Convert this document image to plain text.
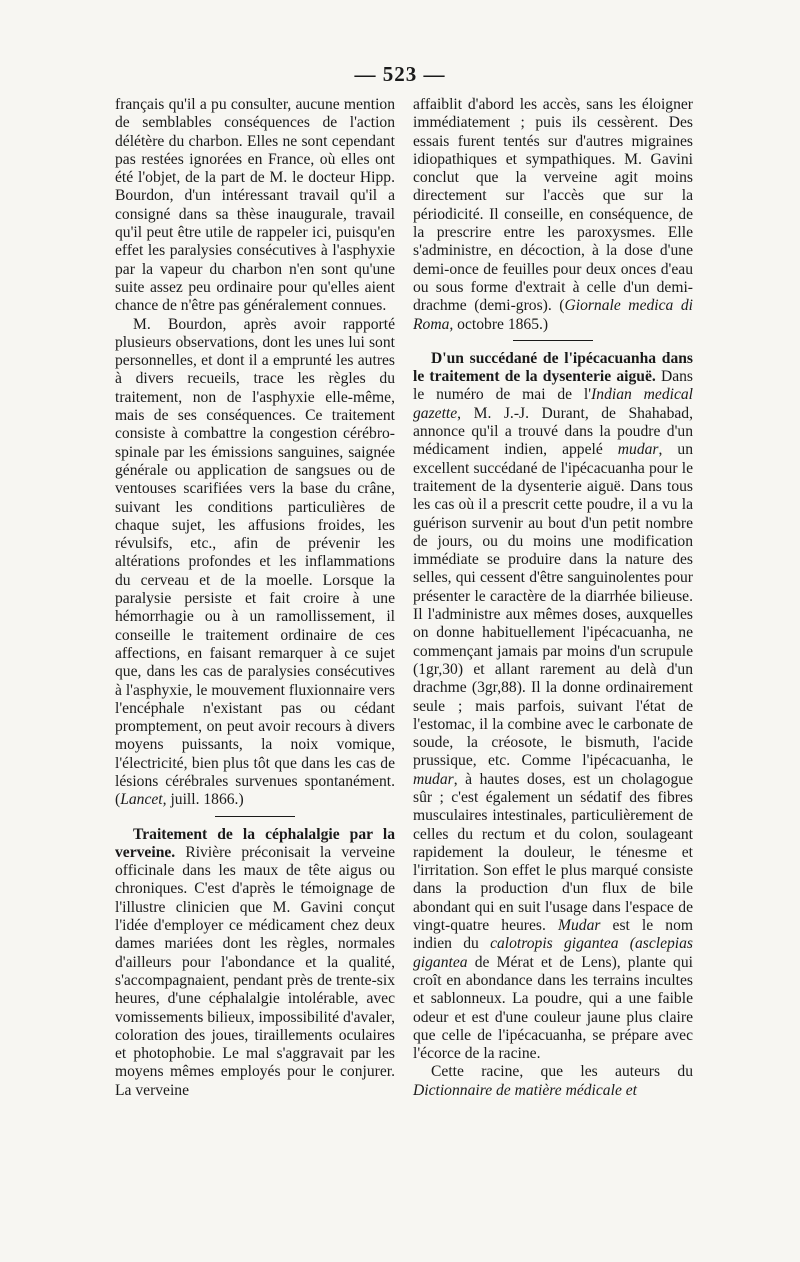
— 523 —

français qu'il a pu consulter, aucune mention de semblables conséquences de l'action délétère du charbon. Elles ne sont cependant pas restées ignorées en France, où elles ont été l'objet, de la part de M. le docteur Hipp. Bourdon, d'un intéressant travail qu'il a consigné dans sa thèse inaugurale, travail qu'il peut être utile de rappeler ici, puisqu'en effet les paralysies consécutives à l'asphyxie par la vapeur du charbon n'en sont qu'une suite assez peu ordinaire pour qu'elles aient chance de n'être pas généralement connues.

M. Bourdon, après avoir rapporté plusieurs observations, dont les unes lui sont personnelles, et dont il a emprunté les autres à divers recueils, trace les règles du traitement, non de l'asphyxie elle-même, mais de ses conséquences. Ce traitement consiste à combattre la congestion cérébro-spinale par les émissions sanguines, saignée générale ou application de sangsues ou de ventouses scarifiées vers la base du crâne, suivant les conditions particulières de chaque sujet, les affusions froides, les révulsifs, etc., afin de prévenir les altérations profondes et les inflammations du cerveau et de la moelle. Lorsque la paralysie persiste et fait croire à une hémorrhagie ou à un ramollissement, il conseille le traitement ordinaire de ces affections, en faisant remarquer à ce sujet que, dans les cas de paralysies consécutives à l'asphyxie, le mouvement fluxionnaire vers l'encéphale n'existant pas ou cédant promptement, on peut avoir recours à divers moyens puissants, la noix vomique, l'électricité, bien plus tôt que dans les cas de lésions cérébrales survenues spontanément. (Lancet, juill. 1866.)

Traitement de la céphalalgie par la verveine. Rivière préconisait la verveine officinale dans les maux de tête aigus ou chroniques. C'est d'après le témoignage de l'illustre clinicien que M. Gavini conçut l'idée d'employer ce médicament chez deux dames mariées dont les règles, normales d'ailleurs pour l'abondance et la qualité, s'accompagnaient, pendant près de trente-six heures, d'une céphalalgie intolérable, avec vomissements bilieux, impossibilité d'avaler, coloration des joues, tiraillements oculaires et photophobie. Le mal s'aggravait par les moyens mêmes employés pour le conjurer. La verveine

affaiblit d'abord les accès, sans les éloigner immédiatement ; puis ils cessèrent. Des essais furent tentés sur d'autres migraines idiopathiques et sympathiques. M. Gavini conclut que la verveine agit moins directement sur l'accès que sur la périodicité. Il conseille, en conséquence, de la prescrire entre les paroxysmes. Elle s'administre, en décoction, à la dose d'une demi-once de feuilles pour deux onces d'eau ou sous forme d'extrait à celle d'un demi-drachme (demi-gros). (Giornale medica di Roma, octobre 1865.)

D'un succédané de l'ipécacuanha dans le traitement de la dysenterie aiguë. Dans le numéro de mai de l'Indian medical gazette, M. J.-J. Durant, de Shahabad, annonce qu'il a trouvé dans la poudre d'un médicament indien, appelé mudar, un excellent succédané de l'ipécacuanha pour le traitement de la dysenterie aiguë. Dans tous les cas où il a prescrit cette poudre, il a vu la guérison survenir au bout d'un petit nombre de jours, ou du moins une modification immédiate se produire dans la nature des selles, qui cessent d'être sanguinolentes pour présenter le caractère de la diarrhée bilieuse. Il l'administre aux mêmes doses, auxquelles on donne habituellement l'ipécacuanha, ne commençant jamais par moins d'un scrupule (1gr,30) et allant rarement au delà d'un drachme (3gr,88). Il la donne ordinairement seule ; mais parfois, suivant l'état de l'estomac, il la combine avec le carbonate de soude, la créosote, le bismuth, l'acide prussique, etc. Comme l'ipécacuanha, le mudar, à hautes doses, est un cholagogue sûr ; c'est également un sédatif des fibres musculaires intestinales, particulièrement de celles du rectum et du colon, soulageant rapidement la douleur, le ténesme et l'irritation. Son effet le plus marqué consiste dans la production d'un flux de bile abondant qui en suit l'usage dans l'espace de vingt-quatre heures. Mudar est le nom indien du calotropis gigantea (asclepias gigantea de Mérat et de Lens), plante qui croît en abondance dans les terrains incultes et sablonneux. La poudre, qui a une faible odeur et est d'une couleur jaune plus claire que celle de l'ipécacuanha, se prépare avec l'écorce de la racine.

Cette racine, que les auteurs du Dictionnaire de matière médicale et
